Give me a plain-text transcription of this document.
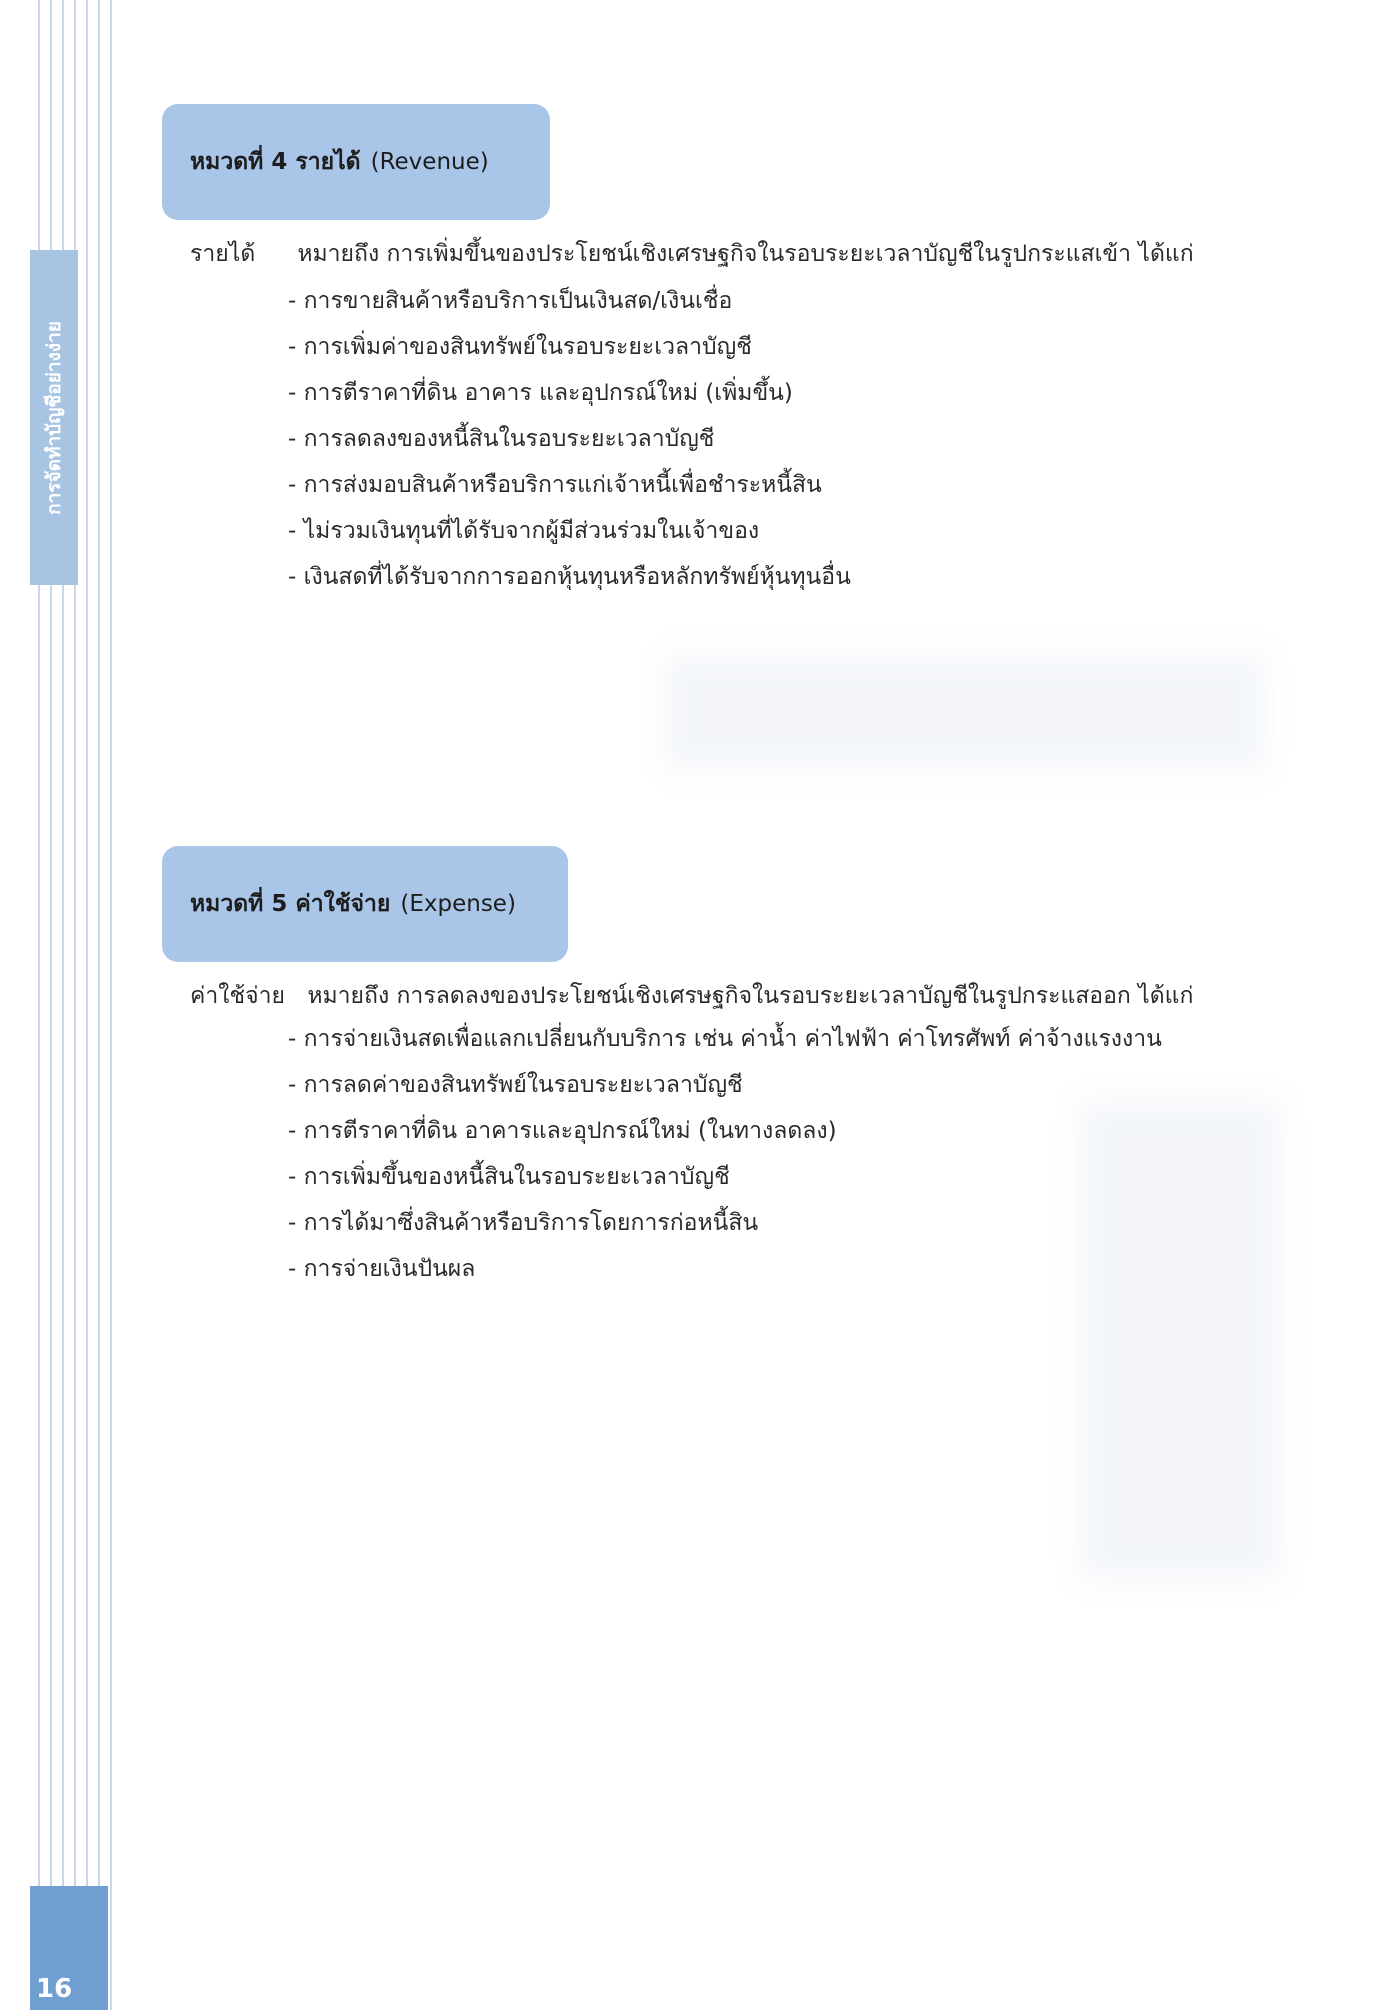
การจัดทำบัญชีอย่างง่าย
16
หมวดที่ 4 รายได้ (Revenue)
รายได้ หมายถึง การเพิ่มขึ้นของประโยชน์เชิงเศรษฐกิจในรอบระยะเวลาบัญชีในรูปกระแสเข้า ได้แก่
- การขายสินค้าหรือบริการเป็นเงินสด/เงินเชื่อ
- การเพิ่มค่าของสินทรัพย์ในรอบระยะเวลาบัญชี
- การตีราคาที่ดิน อาคาร และอุปกรณ์ใหม่ (เพิ่มขึ้น)
- การลดลงของหนี้สินในรอบระยะเวลาบัญชี
- การส่งมอบสินค้าหรือบริการแก่เจ้าหนี้เพื่อชำระหนี้สิน
- ไม่รวมเงินทุนที่ได้รับจากผู้มีส่วนร่วมในเจ้าของ
- เงินสดที่ได้รับจากการออกหุ้นทุนหรือหลักทรัพย์หุ้นทุนอื่น
หมวดที่ 5 ค่าใช้จ่าย (Expense)
ค่าใช้จ่าย หมายถึง การลดลงของประโยชน์เชิงเศรษฐกิจในรอบระยะเวลาบัญชีในรูปกระแสออก ได้แก่
- การจ่ายเงินสดเพื่อแลกเปลี่ยนกับบริการ เช่น ค่าน้ำ ค่าไฟฟ้า ค่าโทรศัพท์ ค่าจ้างแรงงาน
- การลดค่าของสินทรัพย์ในรอบระยะเวลาบัญชี
- การตีราคาที่ดิน อาคารและอุปกรณ์ใหม่ (ในทางลดลง)
- การเพิ่มขึ้นของหนี้สินในรอบระยะเวลาบัญชี
- การได้มาซึ่งสินค้าหรือบริการโดยการก่อหนี้สิน
- การจ่ายเงินปันผล
